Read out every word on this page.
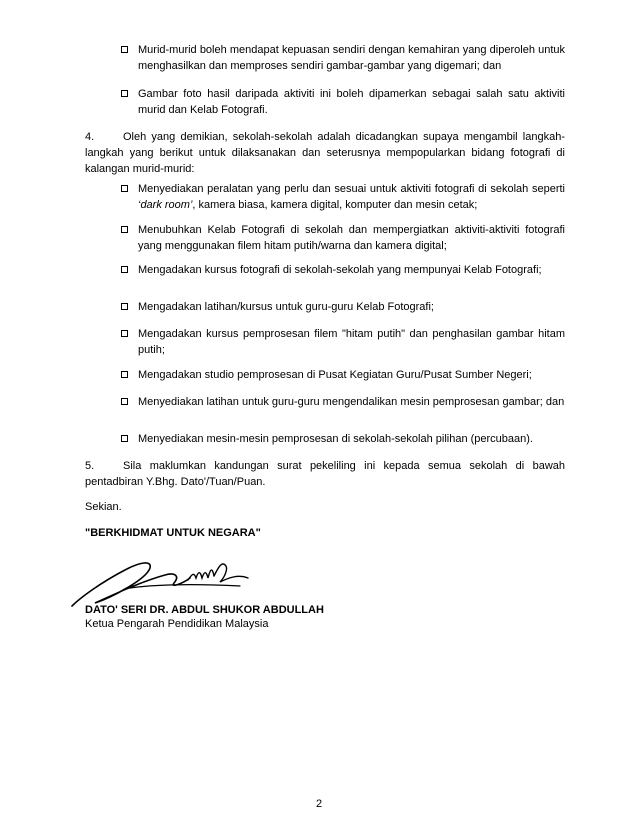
Murid-murid boleh mendapat kepuasan sendiri dengan kemahiran yang diperoleh untuk menghasilkan dan memproses sendiri gambar-gambar yang digemari; dan
Gambar foto hasil daripada aktiviti ini boleh dipamerkan sebagai salah satu aktiviti murid dan Kelab Fotografi.
4.	Oleh yang demikian, sekolah-sekolah adalah dicadangkan supaya mengambil langkah-langkah yang berikut untuk dilaksanakan dan seterusnya mempopularkan bidang fotografi di kalangan murid-murid:
Menyediakan peralatan yang perlu dan sesuai untuk aktiviti fotografi di sekolah seperti ‘dark room’, kamera biasa, kamera digital, komputer dan mesin cetak;
Menubuhkan Kelab Fotografi di sekolah dan mempergiatkan aktiviti-aktiviti fotografi yang menggunakan filem hitam putih/warna dan kamera digital;
Mengadakan kursus fotografi di sekolah-sekolah yang mempunyai Kelab Fotografi;
Mengadakan latihan/kursus untuk guru-guru Kelab Fotografi;
Mengadakan kursus pemprosesan filem "hitam putih" dan penghasilan gambar hitam putih;
Mengadakan studio pemprosesan di Pusat Kegiatan Guru/Pusat Sumber Negeri;
Menyediakan latihan untuk guru-guru mengendalikan mesin pemprosesan gambar; dan
Menyediakan mesin-mesin pemprosesan di sekolah-sekolah pilihan (percubaan).
5.	Sila maklumkan kandungan surat pekeliling ini kepada semua sekolah di bawah pentadbiran Y.Bhg. Dato'/Tuan/Puan.
Sekian.
"BERKHIDMAT UNTUK NEGARA"
DATO' SERI DR. ABDUL SHUKOR ABDULLAH
Ketua Pengarah Pendidikan Malaysia
2
